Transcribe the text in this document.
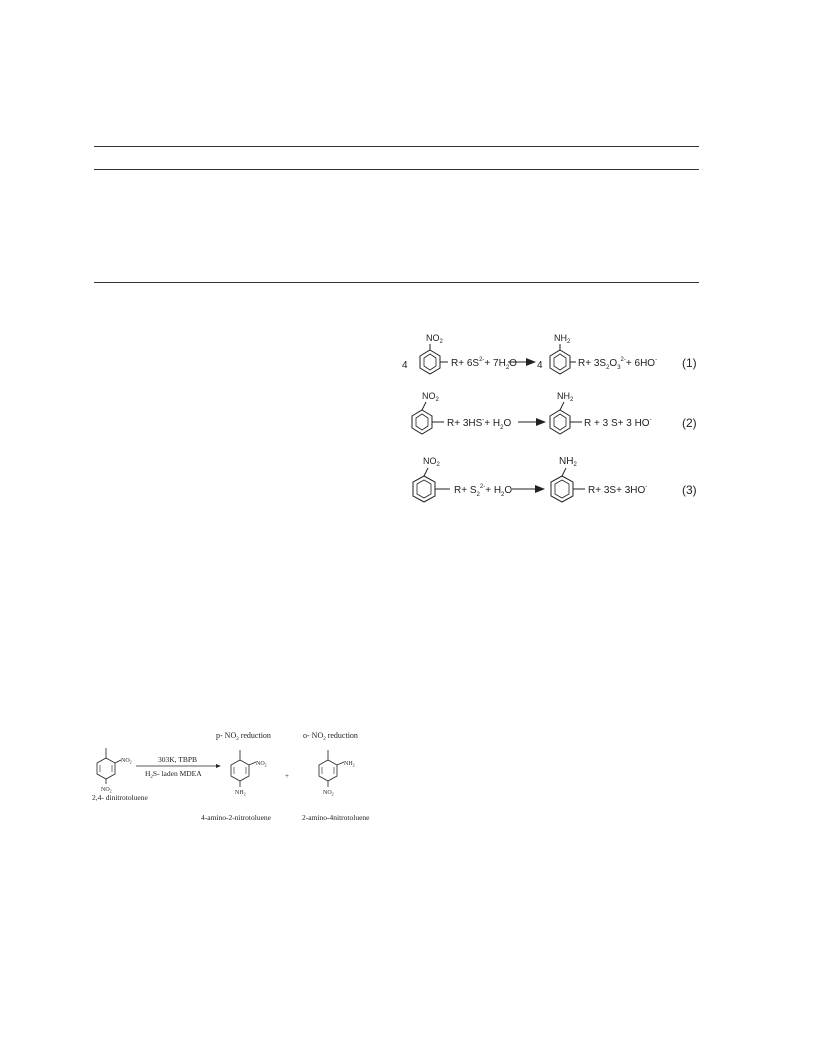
4
$NO_2$
$R+ 6S^{2-}+ 7H_2O$ 4
$NH_2$
$R+ 3S_2O_3^{2-}+ 6HO^-$ (1)
$NO_2$
$R+ 3HS^-+ H_2O$
$NH_2$
R + 3 S+ 3 HO-	(2)
$NO_2$
$R+ S_2^{2-}+ H_2O$
$NH_2$
R+ 3S+ 3HO-	(3)
p- $NO_2$ reduction	o- $NO_2$ reduction
$NO_2$
$NO_2$
2,4- dinitrotoluene
303K, TBPB
$H_2S-$ laden MDEA
$NO_2$
$NH_2$
4-amino-2-nitrotoluene
+
$NH_2$
$NO_2$
2-amino-4nitrotoluene
